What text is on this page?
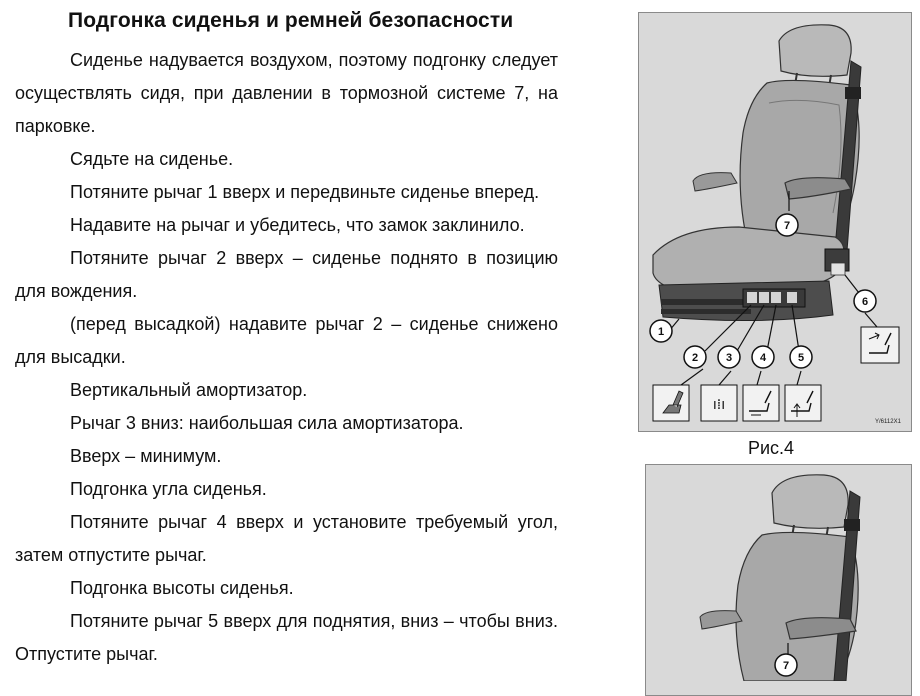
Подгонка сиденья и ремней безопасности

Сиденье надувается воздухом, поэтому подгонку следует осуществлять сидя, при давлении в тормозной системе 7, на парковке.

Сядьте на сиденье.

Потяните рычаг 1 вверх и передвиньте сиденье вперед.

Надавите на рычаг и убедитесь, что замок заклинило.

Потяните рычаг 2 вверх – сиденье поднято в позицию для вождения.

(перед высадкой) надавите рычаг 2 – сиденье снижено для высадки.

Вертикальный амортизатор.

Рычаг 3 вниз: наибольшая сила амортизатора.

Вверх – минимум.

Подгонка угла сиденья.

Потяните рычаг 4 вверх и установите требуемый угол, затем отпустите рычаг.

Подгонка высоты сиденья.

Потяните рычаг 5 вверх для поднятия, вниз – чтобы вниз. Отпустите рычаг.

7
6
1
2	3	4	5
ı⁞ı
Y/6112X1
Рис.4
7
